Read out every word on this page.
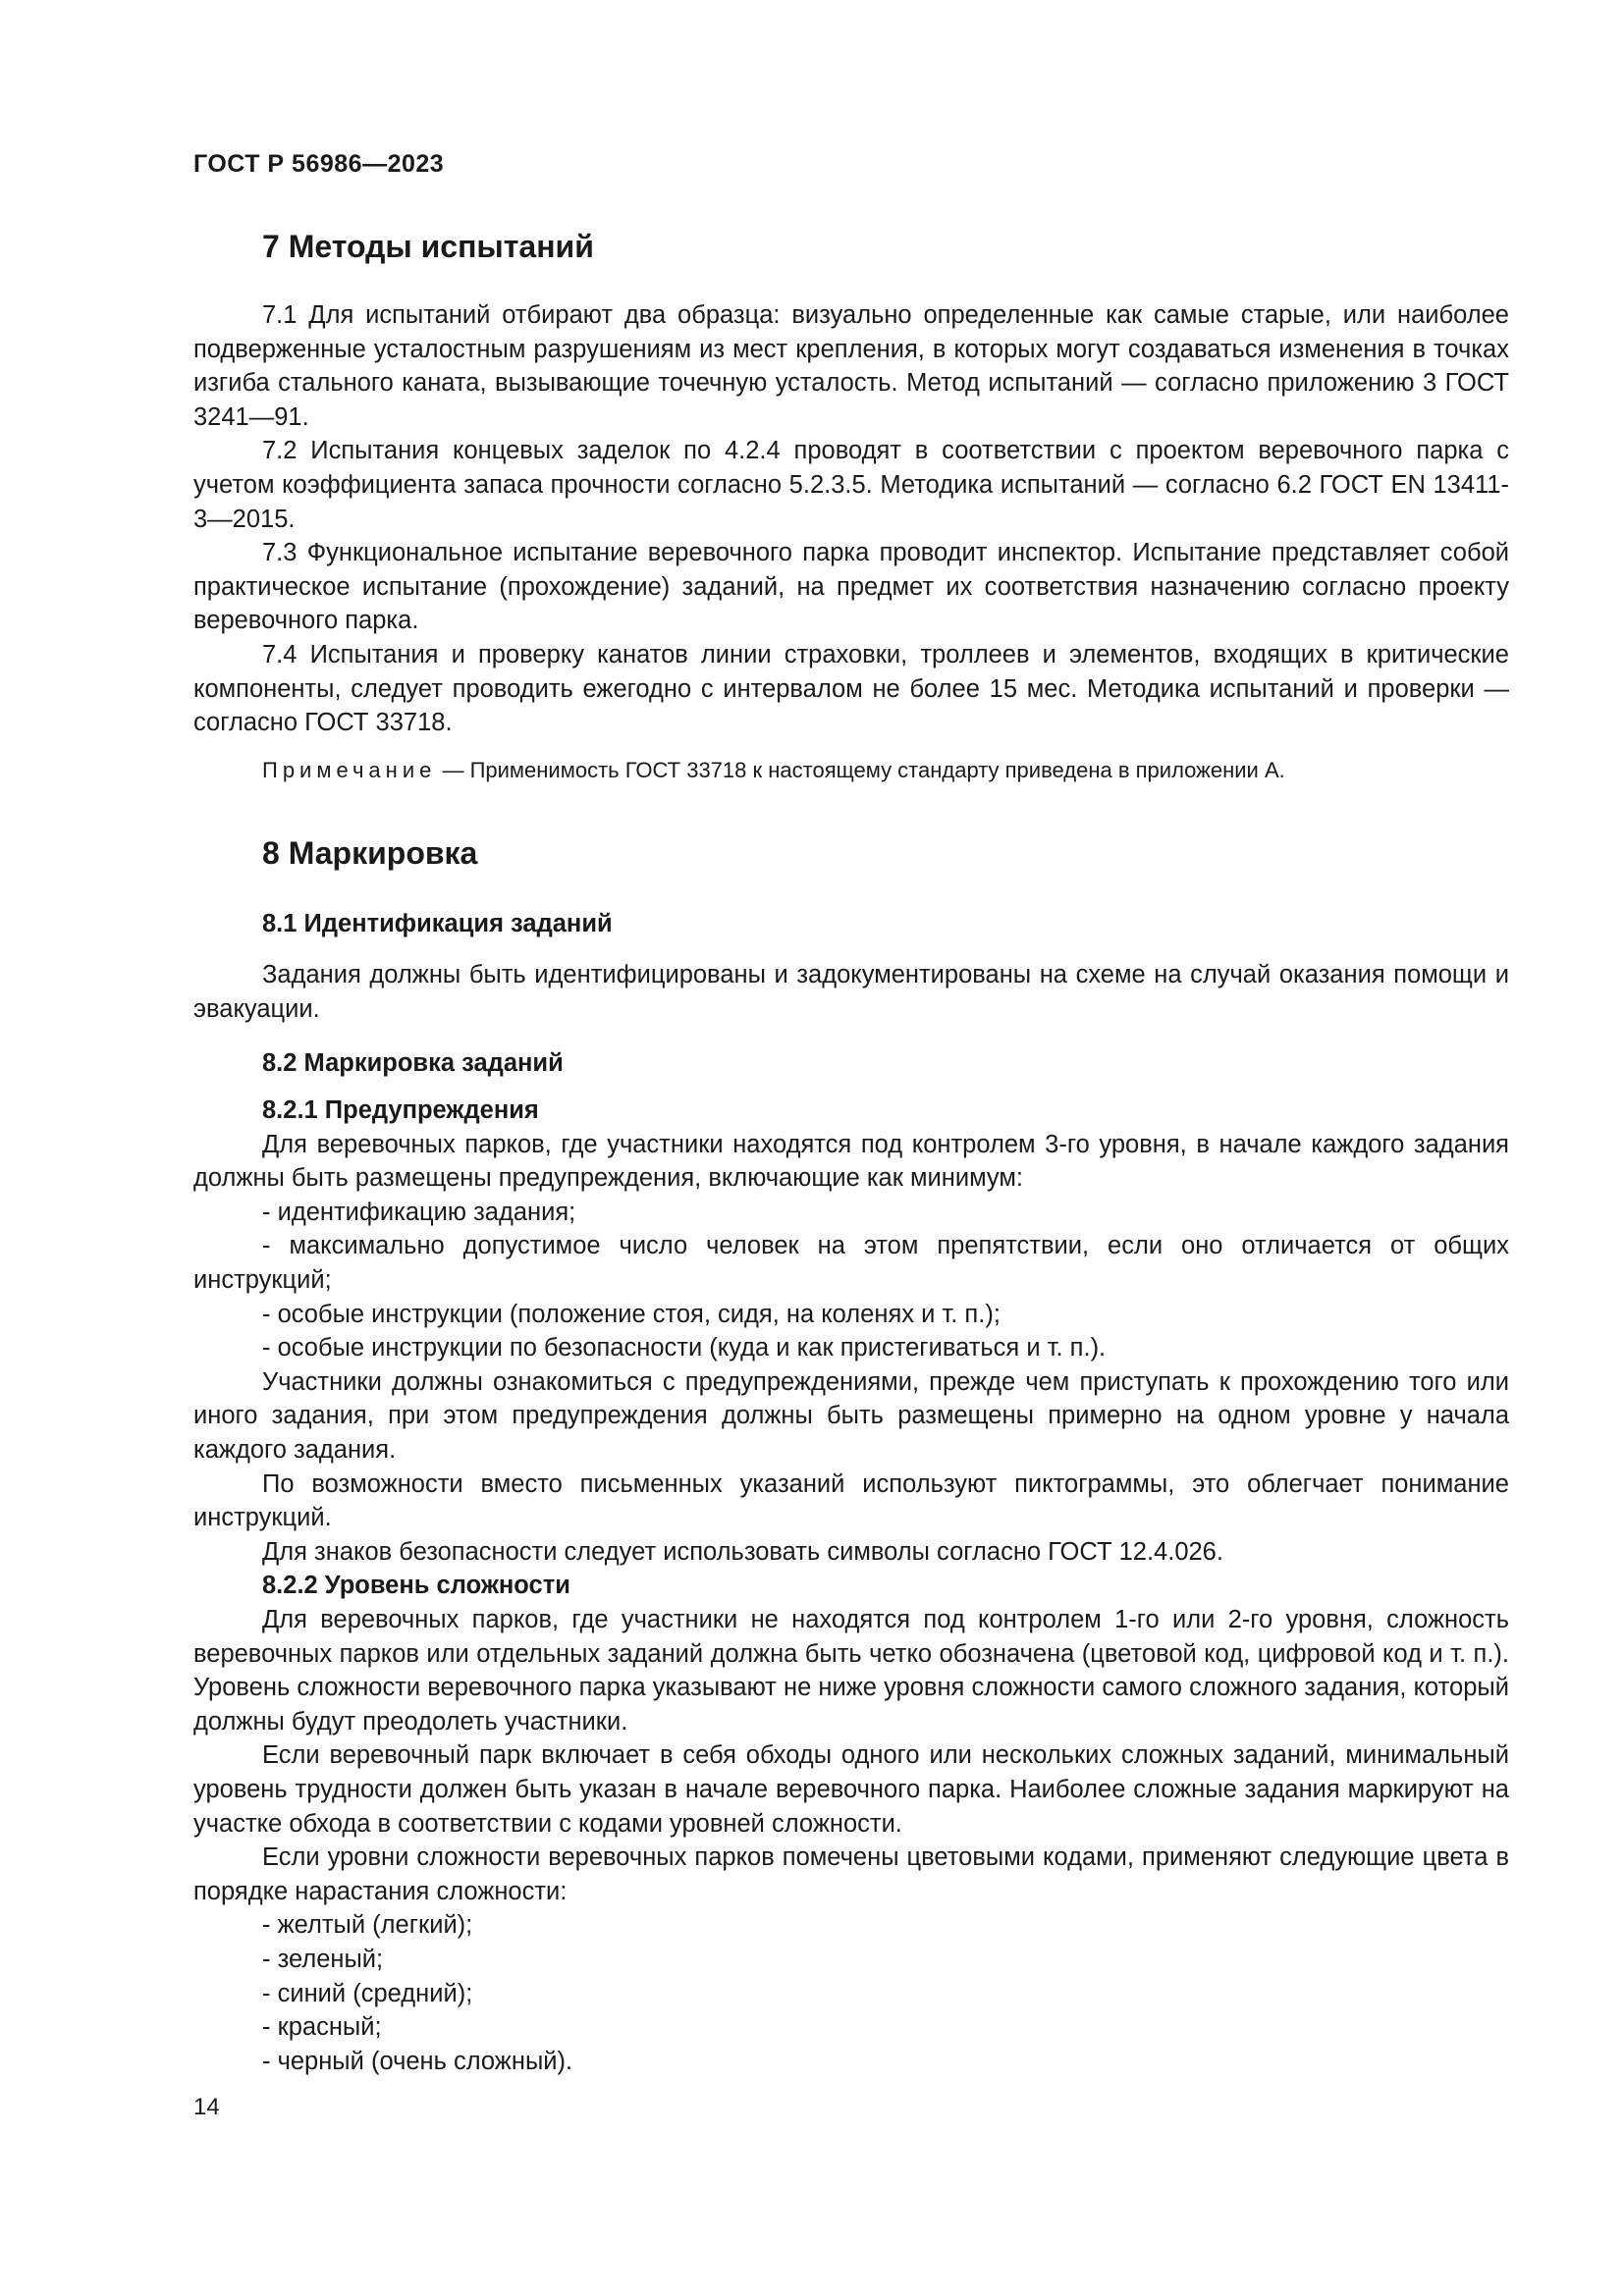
ГОСТ Р 56986—2023
7 Методы испытаний

7.1 Для испытаний отбирают два образца: визуально определенные как самые старые, или наиболее подверженные усталостным разрушениям из мест крепления, в которых могут создаваться изменения в точках изгиба стального каната, вызывающие точечную усталость. Метод испытаний — согласно приложению 3 ГОСТ 3241—91.

7.2 Испытания концевых заделок по 4.2.4 проводят в соответствии с проектом веревочного парка с учетом коэффициента запаса прочности согласно 5.2.3.5. Методика испытаний — согласно 6.2 ГОСТ EN 13411-3—2015.

7.3 Функциональное испытание веревочного парка проводит инспектор. Испытание представляет собой практическое испытание (прохождение) заданий, на предмет их соответствия назначению согласно проекту веревочного парка.

7.4 Испытания и проверку канатов линии страховки, троллеев и элементов, входящих в критические компоненты, следует проводить ежегодно с интервалом не более 15 мес. Методика испытаний и проверки — согласно ГОСТ 33718.

Примечание — Применимость ГОСТ 33718 к настоящему стандарту приведена в приложении А.
8 Маркировка
8.1 Идентификация заданий

Задания должны быть идентифицированы и задокументированы на схеме на случай оказания помощи и эвакуации.

8.2 Маркировка заданий
8.2.1 Предупреждения

Для веревочных парков, где участники находятся под контролем 3-го уровня, в начале каждого задания должны быть размещены предупреждения, включающие как минимум:

- идентификацию задания;

- максимально допустимое число человек на этом препятствии, если оно отличается от общих инструкций;

- особые инструкции (положение стоя, сидя, на коленях и т. п.);

- особые инструкции по безопасности (куда и как пристегиваться и т. п.).

Участники должны ознакомиться с предупреждениями, прежде чем приступать к прохождению того или иного задания, при этом предупреждения должны быть размещены примерно на одном уровне у начала каждого задания.

По возможности вместо письменных указаний используют пиктограммы, это облегчает понимание инструкций.

Для знаков безопасности следует использовать символы согласно ГОСТ 12.4.026.

8.2.2 Уровень сложности

Для веревочных парков, где участники не находятся под контролем 1-го или 2-го уровня, сложность веревочных парков или отдельных заданий должна быть четко обозначена (цветовой код, цифровой код и т. п.). Уровень сложности веревочного парка указывают не ниже уровня сложности самого сложного задания, который должны будут преодолеть участники.

Если веревочный парк включает в себя обходы одного или нескольких сложных заданий, минимальный уровень трудности должен быть указан в начале веревочного парка. Наиболее сложные задания маркируют на участке обхода в соответствии с кодами уровней сложности.

Если уровни сложности веревочных парков помечены цветовыми кодами, применяют следующие цвета в порядке нарастания сложности:

- желтый (легкий);

- зеленый;

- синий (средний);

- красный;

- черный (очень сложный).

14
